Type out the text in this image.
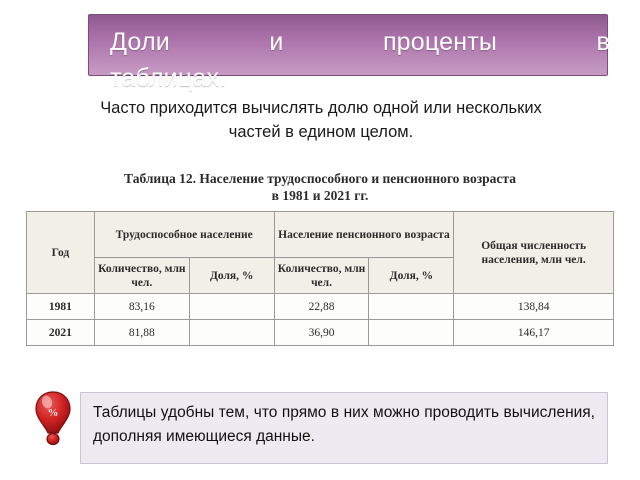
Доли	и	проценты	в
таблицах.
Часто приходится вычислять долю одной или нескольких частей в едином целом.
Таблица 12. Население трудоспособного и пенсионного возраста
в 1981 и 2021 гг.
Год	Трудоспособное население		Население пенсионного возраста		Общая численность населения, млн чел.
	Количество, млн чел.	Доля, %	Количество, млн чел.	Доля, %	
1981	83,16		22,88		138,84
2021	81,88		36,90		146,17
% Таблицы удобны тем, что прямо в них можно проводить вычисления, дополняя имеющиеся данные.
